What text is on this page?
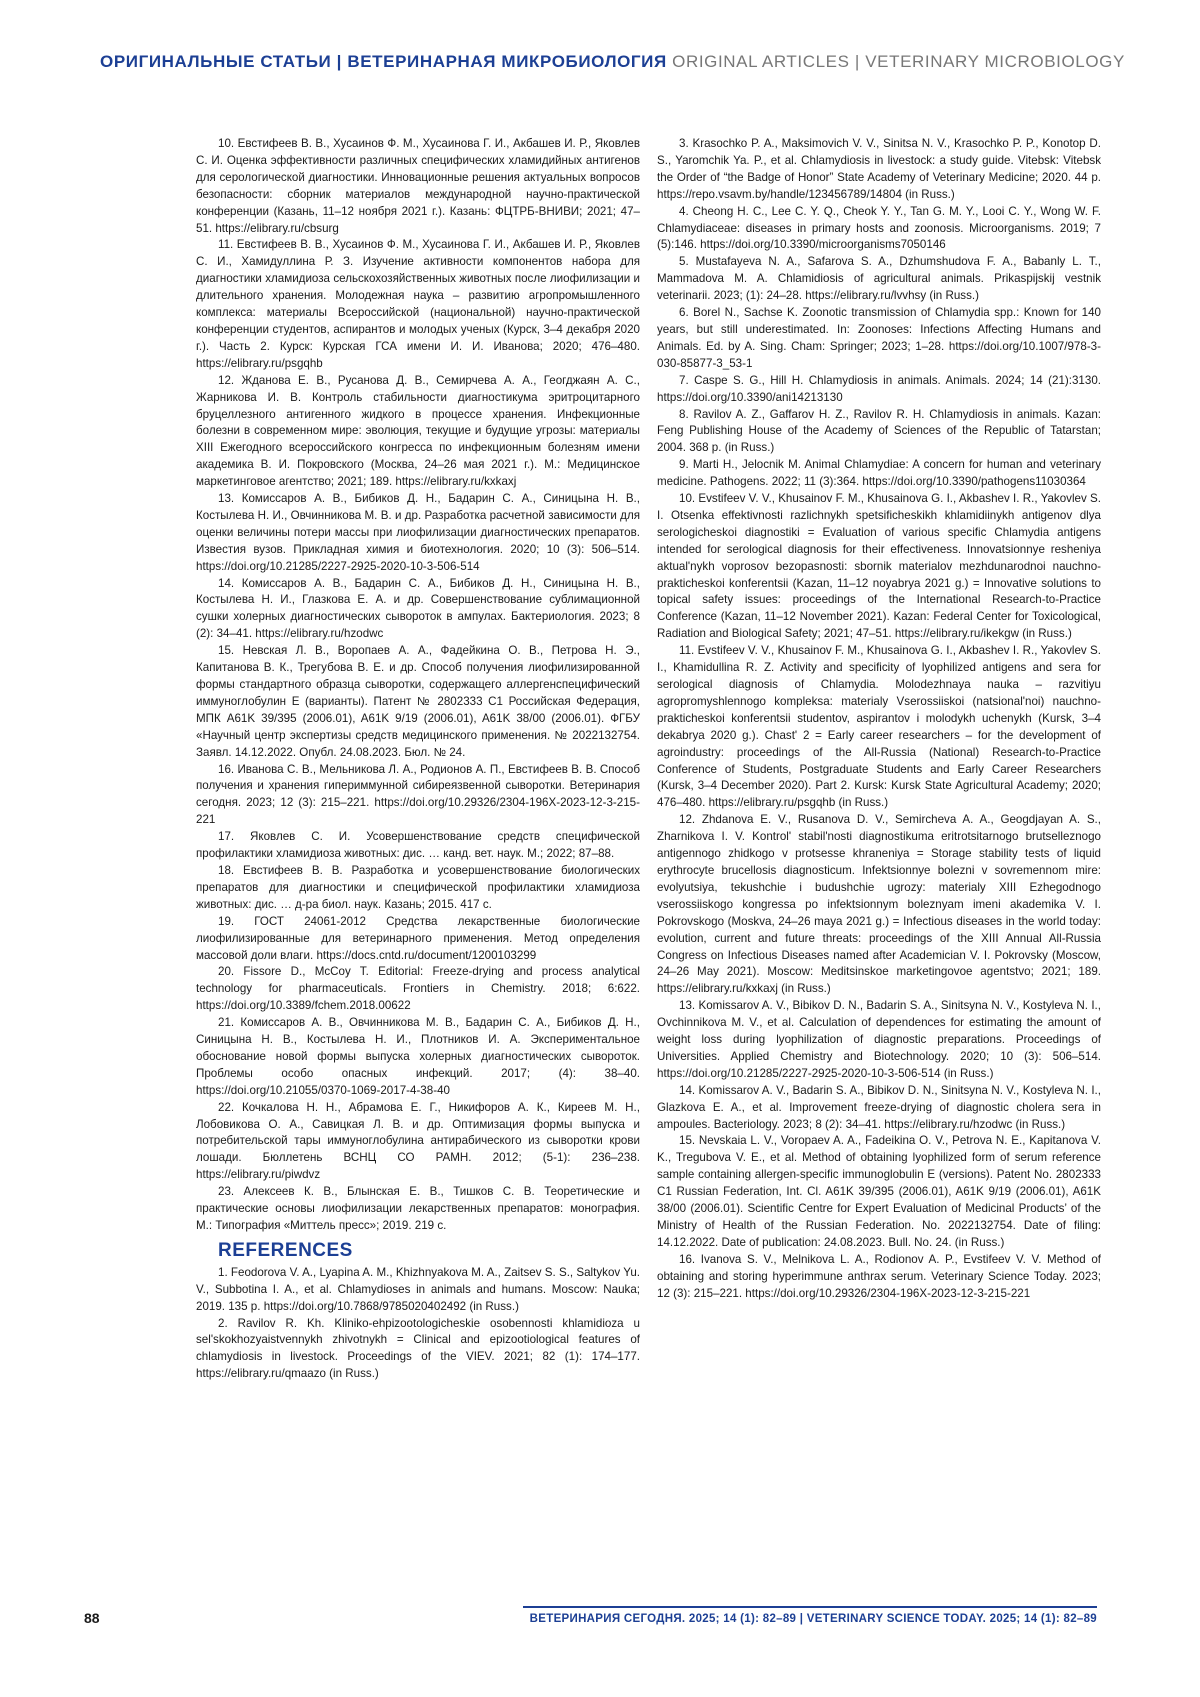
ОРИГИНАЛЬНЫЕ СТАТЬИ | ВЕТЕРИНАРНАЯ МИКРОБИОЛОГИЯ ORIGINAL ARTICLES | VETERINARY MICROBIOLOGY

10. Евстифеев В. В., Хусаинов Ф. М., Хусаинова Г. И., Акбашев И. Р., Яковлев С. И. Оценка эффективности различных специфических хламидийных антигенов для серологической диагностики. Инновационные решения актуальных вопросов безопасности: сборник материалов международной научно-практической конференции (Казань, 11–12 ноября 2021 г.). Казань: ФЦТРБ-ВНИВИ; 2021; 47–51. https://elibrary.ru/cbsurg

11. Евстифеев В. В., Хусаинов Ф. М., Хусаинова Г. И., Акбашев И. Р., Яковлев С. И., Хамидуллина Р. З. Изучение активности компонентов набора для диагностики хламидиоза сельскохозяйственных животных после лиофилизации и длительного хранения. Молодежная наука – развитию агропромышленного комплекса: материалы Всероссийской (национальной) научно-практической конференции студентов, аспирантов и молодых ученых (Курск, 3–4 декабря 2020 г.). Часть 2. Курск: Курская ГСА имени И. И. Иванова; 2020; 476–480. https://elibrary.ru/psgqhb

12. Жданова Е. В., Русанова Д. В., Семирчева А. А., Геогджаян А. С., Жарникова И. В. Контроль стабильности диагностикума эритроцитарного бруцеллезного антигенного жидкого в процессе хранения. Инфекционные болезни в современном мире: эволюция, текущие и будущие угрозы: материалы XIII Ежегодного всероссийского конгресса по инфекционным болезням имени академика В. И. Покровского (Москва, 24–26 мая 2021 г.). М.: Медицинское маркетинговое агентство; 2021; 189. https://elibrary.ru/kxkaxj

13. Комиссаров А. В., Бибиков Д. Н., Бадарин С. А., Синицына Н. В., Костылева Н. И., Овчинникова М. В. и др. Разработка расчетной зависимости для оценки величины потери массы при лиофилизации диагностических препаратов. Известия вузов. Прикладная химия и биотехнология. 2020; 10 (3): 506–514. https://doi.org/10.21285/2227-2925-2020-10-3-506-514

14. Комиссаров А. В., Бадарин С. А., Бибиков Д. Н., Синицына Н. В., Костылева Н. И., Глазкова Е. А. и др. Совершенствование сублимационной сушки холерных диагностических сывороток в ампулах. Бактериология. 2023; 8 (2): 34–41. https://elibrary.ru/hzodwc

15. Невская Л. В., Воропаев А. А., Фадейкина О. В., Петрова Н. Э., Капитанова В. К., Трегубова В. Е. и др. Способ получения лиофилизированной формы стандартного образца сыворотки, содержащего аллергенспецифический иммуноглобулин Е (варианты). Патент № 2802333 C1 Российская Федерация, МПК A61K 39/395 (2006.01), A61K 9/19 (2006.01), A61K 38/00 (2006.01). ФГБУ «Научный центр экспертизы средств медицинского применения. № 2022132754. Заявл. 14.12.2022. Опубл. 24.08.2023. Бюл. № 24.

16. Иванова С. В., Мельникова Л. А., Родионов А. П., Евстифеев В. В. Способ получения и хранения гипериммунной сибиреязвенной сыворотки. Ветеринария сегодня. 2023; 12 (3): 215–221. https://doi.org/10.29326/2304-196X-2023-12-3-215-221

17. Яковлев С. И. Усовершенствование средств специфической профилактики хламидиоза животных: дис. … канд. вет. наук. М.; 2022; 87–88.

18. Евстифеев В. В. Разработка и усовершенствование биологических препаратов для диагностики и специфической профилактики хламидиоза животных: дис. … д-ра биол. наук. Казань; 2015. 417 с.

19. ГОСТ 24061-2012 Средства лекарственные биологические лиофилизированные для ветеринарного применения. Метод определения массовой доли влаги. https://docs.cntd.ru/document/1200103299

20. Fissore D., McCoy T. Editorial: Freeze-drying and process analytical technology for pharmaceuticals. Frontiers in Chemistry. 2018; 6:622. https://doi.org/10.3389/fchem.2018.00622

21. Комиссаров А. В., Овчинникова М. В., Бадарин С. А., Бибиков Д. Н., Синицына Н. В., Костылева Н. И., Плотников И. А. Экспериментальное обоснование новой формы выпуска холерных диагностических сывороток. Проблемы особо опасных инфекций. 2017; (4): 38–40. https://doi.org/10.21055/0370-1069-2017-4-38-40

22. Кочкалова Н. Н., Абрамова Е. Г., Никифоров А. К., Киреев М. Н., Лобовикова О. А., Савицкая Л. В. и др. Оптимизация формы выпуска и потребительской тары иммуноглобулина антирабического из сыворотки крови лошади. Бюллетень ВСНЦ СО РАМН. 2012; (5-1): 236–238. https://elibrary.ru/piwdvz

23. Алексеев К. В., Блынская Е. В., Тишков С. В. Теоретические и практические основы лиофилизации лекарственных препаратов: монография. М.: Типография «Миттель пресс»; 2019. 219 с.

REFERENCES

1. Feodorova V. A., Lyapina A. M., Khizhnyakova M. A., Zaitsev S. S., Saltykov Yu. V., Subbotina I. A., et al. Chlamydioses in animals and humans. Moscow: Nauka; 2019. 135 p. https://doi.org/10.7868/9785020402492 (in Russ.)

2. Ravilov R. Kh. Kliniko-ehpizootologicheskie osobennosti khlamidioza u sel'skokhozyaistvennykh zhivotnykh = Clinical and epizootiological features of chlamydiosis in livestock. Proceedings of the VIEV. 2021; 82 (1): 174–177. https://elibrary.ru/qmaazo (in Russ.)

3. Krasochko P. A., Maksimovich V. V., Sinitsa N. V., Krasochko P. P., Konotop D. S., Yaromchik Ya. P., et al. Chlamydiosis in livestock: a study guide. Vitebsk: Vitebsk the Order of “the Badge of Honor” State Academy of Veterinary Medicine; 2020. 44 p. https://repo.vsavm.by/handle/123456789/14804 (in Russ.)

4. Cheong H. C., Lee C. Y. Q., Cheok Y. Y., Tan G. M. Y., Looi C. Y., Wong W. F. Chlamydiaceae: diseases in primary hosts and zoonosis. Microorganisms. 2019; 7 (5):146. https://doi.org/10.3390/microorganisms7050146

5. Mustafayeva N. A., Safarova S. A., Dzhumshudova F. A., Babanly L. T., Mammadova M. A. Chlamidiosis of agricultural animals. Prikaspijskij vestnik veterinarii. 2023; (1): 24–28. https://elibrary.ru/lvvhsy (in Russ.)

6. Borel N., Sachse K. Zoonotic transmission of Chlamydia spp.: Known for 140 years, but still underestimated. In: Zoonoses: Infections Affecting Humans and Animals. Ed. by A. Sing. Cham: Springer; 2023; 1–28. https://doi.org/10.1007/978-3-030-85877-3_53-1

7. Caspe S. G., Hill H. Chlamydiosis in animals. Animals. 2024; 14 (21):3130. https://doi.org/10.3390/ani14213130

8. Ravilov A. Z., Gaffarov H. Z., Ravilov R. H. Chlamydiosis in animals. Kazan: Feng Publishing House of the Academy of Sciences of the Republic of Tatarstan; 2004. 368 p. (in Russ.)

9. Marti H., Jelocnik M. Animal Chlamydiae: A concern for human and veterinary medicine. Pathogens. 2022; 11 (3):364. https://doi.org/10.3390/pathogens11030364

10. Evstifeev V. V., Khusainov F. M., Khusainova G. I., Akbashev I. R., Yakovlev S. I. Otsenka effektivnosti razlichnykh spetsificheskikh khlamidiinykh antigenov dlya serologicheskoi diagnostiki = Evaluation of various specific Chlamydia antigens intended for serological diagnosis for their effectiveness. Innovatsionnye resheniya aktual'nykh voprosov bezopasnosti: sbornik materialov mezhdunarodnoi nauchno-prakticheskoi konferentsii (Kazan, 11–12 noyabrya 2021 g.) = Innovative solutions to topical safety issues: proceedings of the International Research-to-Practice Conference (Kazan, 11–12 November 2021). Kazan: Federal Center for Toxicological, Radiation and Biological Safety; 2021; 47–51. https://elibrary.ru/ikekgw (in Russ.)

11. Evstifeev V. V., Khusainov F. M., Khusainova G. I., Akbashev I. R., Yakovlev S. I., Khamidullina R. Z. Activity and specificity of lyophilized antigens and sera for serological diagnosis of Chlamydia. Molodezhnaya nauka – razvitiyu agropromyshlennogo kompleksa: materialy Vserossiiskoi (natsional'noi) nauchno-prakticheskoi konferentsii studentov, aspirantov i molodykh uchenykh (Kursk, 3–4 dekabrya 2020 g.). Chast' 2 = Early career researchers – for the development of agroindustry: proceedings of the All-Russia (National) Research-to-Practice Conference of Students, Postgraduate Students and Early Career Researchers (Kursk, 3–4 December 2020). Part 2. Kursk: Kursk State Agricultural Academy; 2020; 476–480. https://elibrary.ru/psgqhb (in Russ.)

12. Zhdanova E. V., Rusanova D. V., Semircheva A. A., Geogdjayan A. S., Zharnikova I. V. Kontrol' stabil'nosti diagnostikuma eritrotsitarnogo brutselleznogo antigennogo zhidkogo v protsesse khraneniya = Storage stability tests of liquid erythrocyte brucellosis diagnosticum. Infektsionnye bolezni v sovremennom mire: evolyutsiya, tekushchie i budushchie ugrozy: materialy XIII Ezhegodnogo vserossiiskogo kongressa po infektsionnym boleznyam imeni akademika V. I. Pokrovskogo (Moskva, 24–26 maya 2021 g.) = Infectious diseases in the world today: evolution, current and future threats: proceedings of the XIII Annual All-Russia Congress on Infectious Diseases named after Academician V. I. Pokrovsky (Moscow, 24–26 May 2021). Moscow: Meditsinskoe marketingovoe agentstvo; 2021; 189. https://elibrary.ru/kxkaxj (in Russ.)

13. Komissarov A. V., Bibikov D. N., Badarin S. A., Sinitsyna N. V., Kostyleva N. I., Ovchinnikova M. V., et al. Calculation of dependences for estimating the amount of weight loss during lyophilization of diagnostic preparations. Proceedings of Universities. Applied Chemistry and Biotechnology. 2020; 10 (3): 506–514. https://doi.org/10.21285/2227-2925-2020-10-3-506-514 (in Russ.)

14. Komissarov A. V., Badarin S. A., Bibikov D. N., Sinitsyna N. V., Kostyleva N. I., Glazkova E. A., et al. Improvement freeze-drying of diagnostic cholera sera in ampoules. Bacteriology. 2023; 8 (2): 34–41. https://elibrary.ru/hzodwc (in Russ.)

15. Nevskaia L. V., Voropaev A. A., Fadeikina O. V., Petrova N. E., Kapitanova V. K., Tregubova V. E., et al. Method of obtaining lyophilized form of serum reference sample containing allergen-specific immunoglobulin E (versions). Patent No. 2802333 C1 Russian Federation, Int. Cl. A61K 39/395 (2006.01), A61K 9/19 (2006.01), A61K 38/00 (2006.01). Scientific Centre for Expert Evaluation of Medicinal Products’ of the Ministry of Health of the Russian Federation. No. 2022132754. Date of filing: 14.12.2022. Date of publication: 24.08.2023. Bull. No. 24. (in Russ.)

16. Ivanova S. V., Melnikova L. A., Rodionov A. P., Evstifeev V. V. Method of obtaining and storing hyperimmune anthrax serum. Veterinary Science Today. 2023; 12 (3): 215–221. https://doi.org/10.29326/2304-196X-2023-12-3-215-221

88	ВЕТЕРИНАРИЯ СЕГОДНЯ. 2025; 14 (1): 82–89 | VETERINARY SCIENCE TODAY. 2025; 14 (1): 82–89
